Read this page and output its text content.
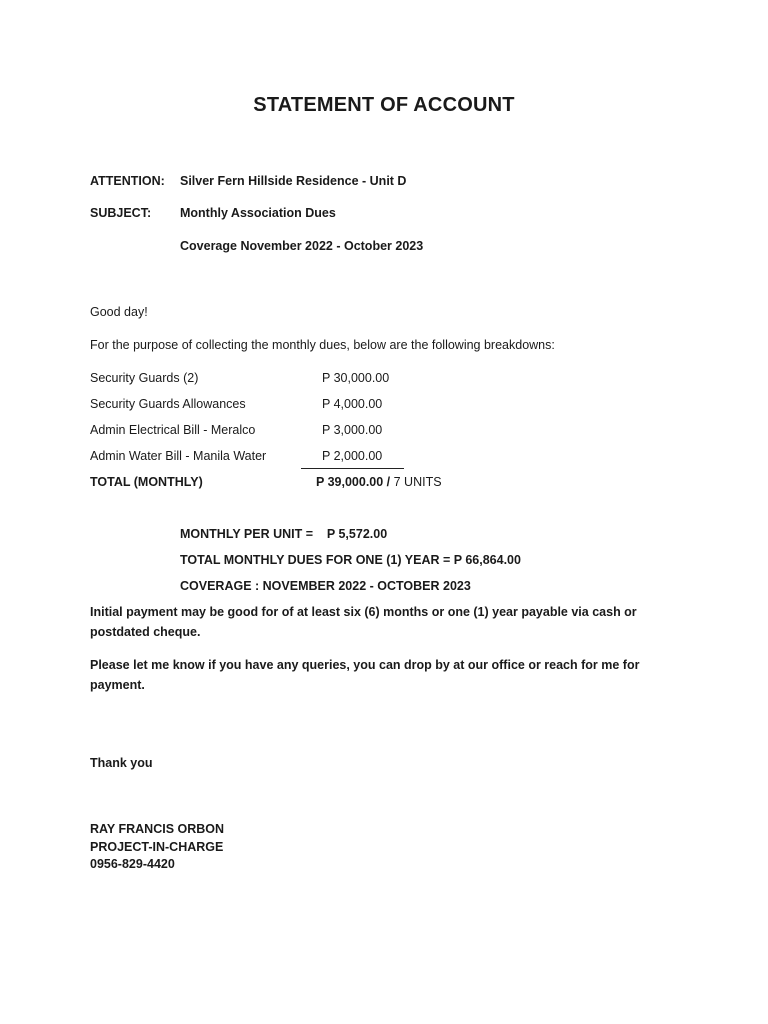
STATEMENT OF ACCOUNT
ATTENTION: Silver Fern Hillside Residence - Unit D
SUBJECT: Monthly Association Dues
Coverage November 2022 - October 2023
Good day!
For the purpose of collecting the monthly dues, below are the following breakdowns:
Security Guards (2)	P 30,000.00
Security Guards Allowances	P 4,000.00
Admin Electrical Bill - Meralco	P 3,000.00
Admin Water Bill - Manila Water	P 2,000.00
TOTAL (MONTHLY)	P 39,000.00 / 7 UNITS
MONTHLY PER UNIT =    P 5,572.00
TOTAL MONTHLY DUES FOR ONE (1) YEAR = P 66,864.00
COVERAGE : NOVEMBER 2022 - OCTOBER 2023
Initial payment may be good for of at least six (6) months or one (1) year payable via cash or postdated cheque.
Please let me know if you have any queries, you can drop by at our office or reach for me for payment.
Thank you
RAY FRANCIS ORBON
PROJECT-IN-CHARGE
0956-829-4420
